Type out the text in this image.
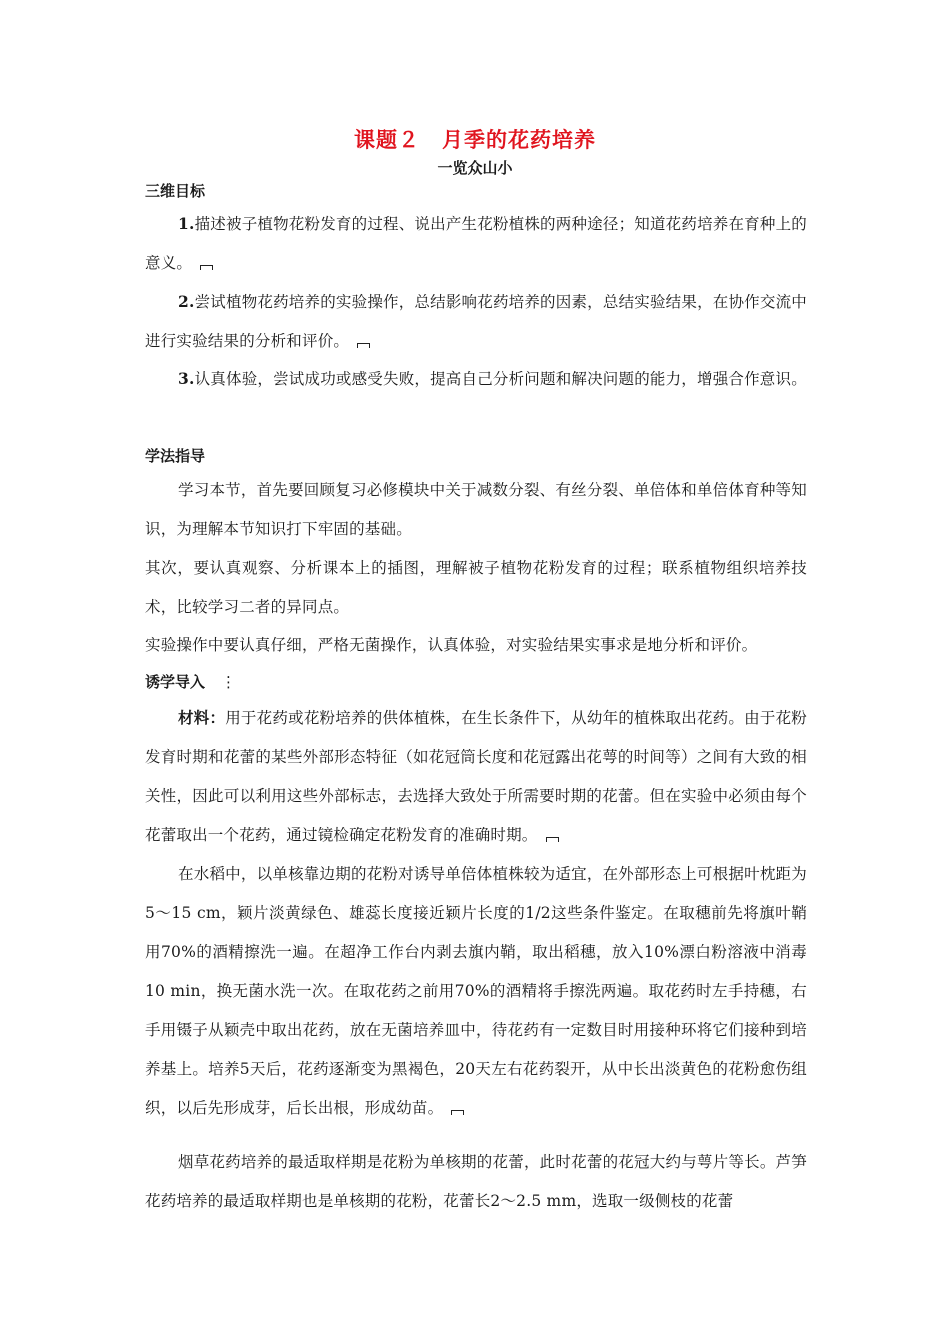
课题２　月季的花药培养
一览众山小
三维目标
1.描述被子植物花粉发育的过程、说出产生花粉植株的两种途径；知道花药培养在育种上的意义。
2.尝试植物花药培养的实验操作，总结影响花药培养的因素，总结实验结果，在协作交流中进行实验结果的分析和评价。
3.认真体验，尝试成功或感受失败，提高自己分析问题和解决问题的能力，增强合作意识。
学法指导
学习本节，首先要回顾复习必修模块中关于减数分裂、有丝分裂、单倍体和单倍体育种等知识，为理解本节知识打下牢固的基础。
其次，要认真观察、分析课本上的插图，理解被子植物花粉发育的过程；联系植物组织培养技术，比较学习二者的异同点。
实验操作中要认真仔细，严格无菌操作，认真体验，对实验结果实事求是地分析和评价。
诱学导入 ⋮
材料：用于花药或花粉培养的供体植株，在生长条件下，从幼年的植株取出花药。由于花粉发育时期和花蕾的某些外部形态特征（如花冠筒长度和花冠露出花萼的时间等）之间有大致的相关性，因此可以利用这些外部标志，去选择大致处于所需要时期的花蕾。但在实验中必须由每个花蕾取出一个花药，通过镜检确定花粉发育的准确时期。
在水稻中，以单核靠边期的花粉对诱导单倍体植株较为适宜，在外部形态上可根据叶枕距为5～15 cm，颖片淡黄绿色、雄蕊长度接近颖片长度的1/2这些条件鉴定。在取穗前先将旗叶鞘用70%的酒精擦洗一遍。在超净工作台内剥去旗内鞘，取出稻穗，放入10%漂白粉溶液中消毒10 min，换无菌水洗一次。在取花药之前用70%的酒精将手擦洗两遍。取花药时左手持穗，右手用镊子从颖壳中取出花药，放在无菌培养皿中，待花药有一定数目时用接种环将它们接种到培养基上。培养5天后，花药逐渐变为黑褐色，20天左右花药裂开，从中长出淡黄色的花粉愈伤组织，以后先形成芽，后长出根，形成幼苗。
烟草花药培养的最适取样期是花粉为单核期的花蕾，此时花蕾的花冠大约与萼片等长。芦笋花药培养的最适取样期也是单核期的花粉，花蕾长2～2.5 mm，选取一级侧枝的花蕾
